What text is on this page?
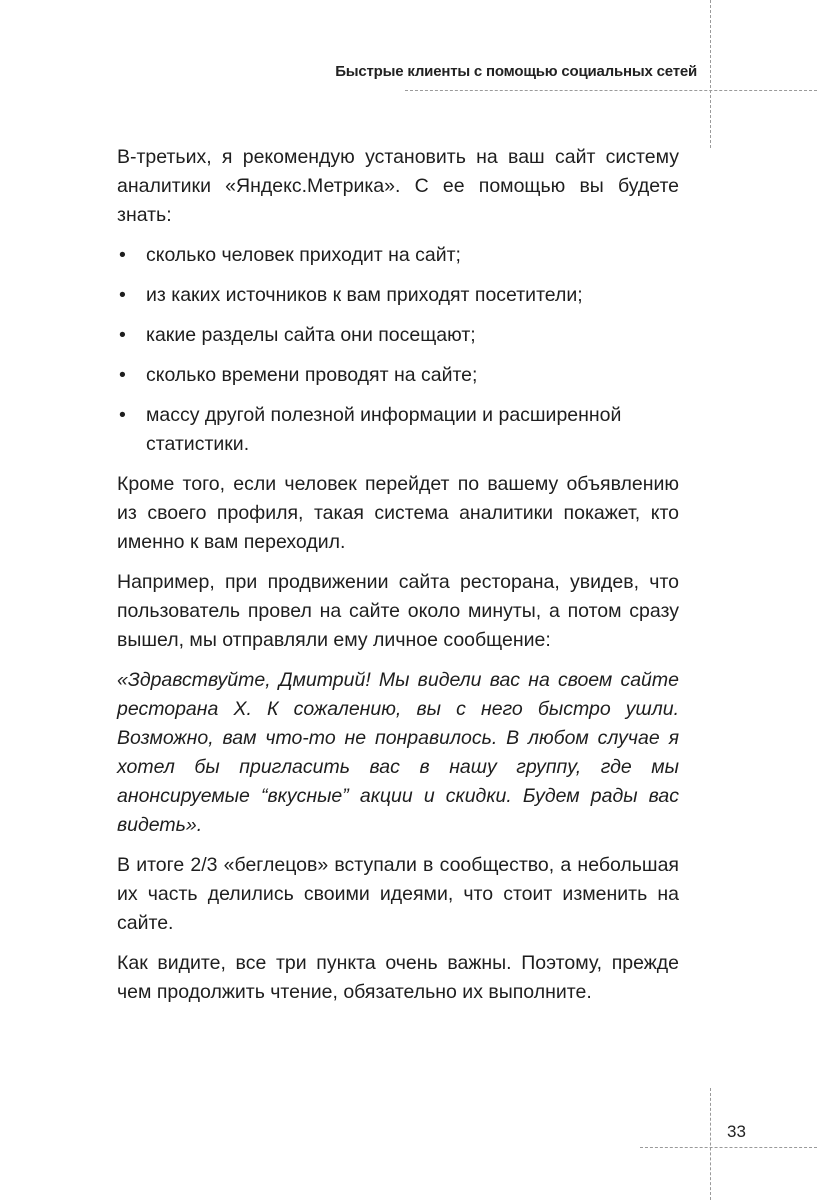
Быстрые клиенты с помощью социальных сетей

В-третьих, я рекомендую установить на ваш сайт систему аналитики «Яндекс.Метрика». С ее помощью вы будете знать:

• сколько человек приходит на сайт;
• из каких источников к вам приходят посетители;
• какие разделы сайта они посещают;
• сколько времени проводят на сайте;
• массу другой полезной информации и расширенной статистики.

Кроме того, если человек перейдет по вашему объявлению из своего профиля, такая система аналитики покажет, кто именно к вам переходил.

Например, при продвижении сайта ресторана, увидев, что пользователь провел на сайте около минуты, а потом сразу вышел, мы отправляли ему личное сообщение:

«Здравствуйте, Дмитрий! Мы видели вас на своем сайте ресторана Х. К сожалению, вы с него быстро ушли. Возможно, вам что-то не понравилось. В любом случае я хотел бы пригласить вас в нашу группу, где мы анонсируемые “вкусные” акции и скидки. Будем рады вас видеть».

В итоге 2/3 «беглецов» вступали в сообщество, а небольшая их часть делились своими идеями, что стоит изменить на сайте.

Как видите, все три пункта очень важны. Поэтому, прежде чем продолжить чтение, обязательно их выполните.

33
